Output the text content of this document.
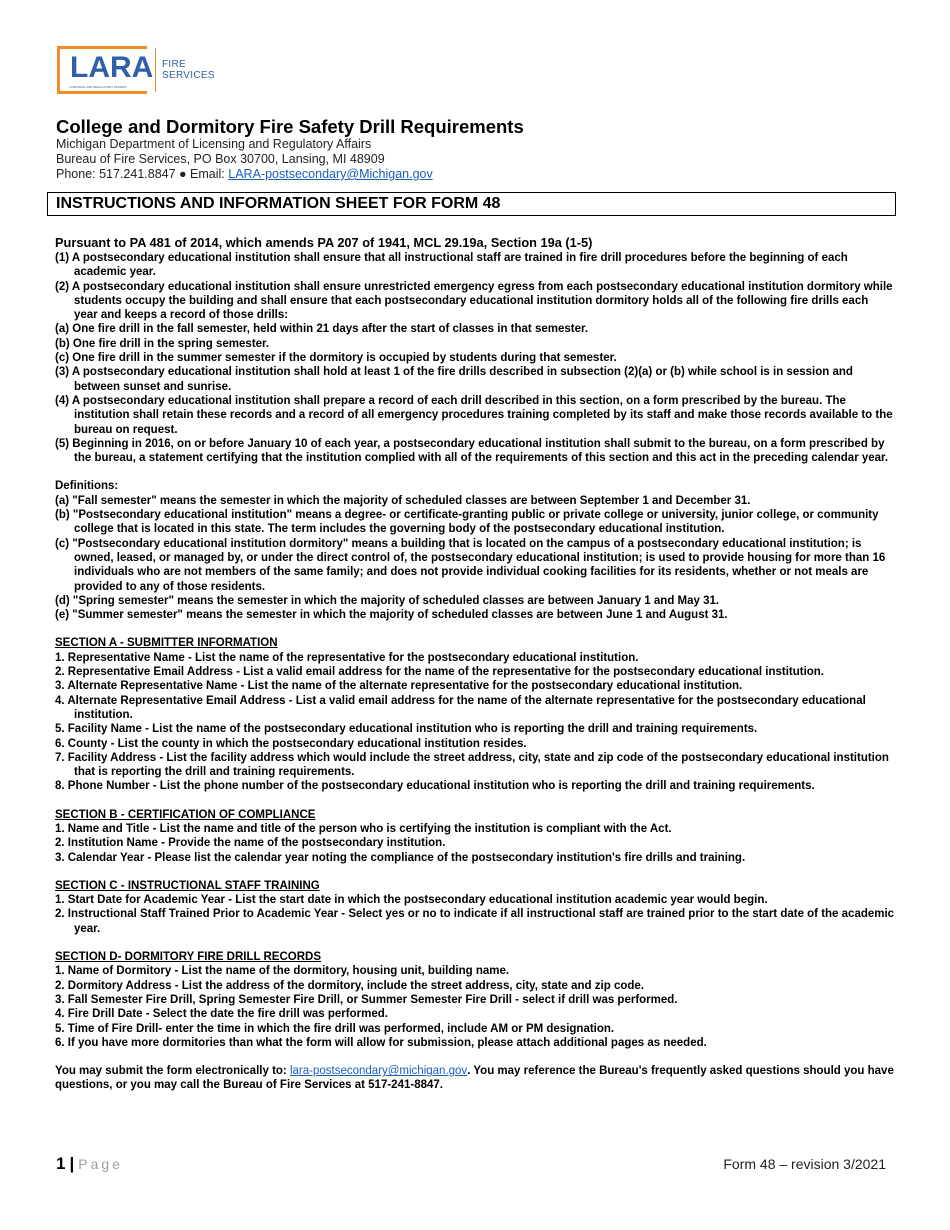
LARA
LICENSING AND REGULATORY AFFAIRS
FIRE
SERVICES
College and Dormitory Fire Safety Drill Requirements
Michigan Department of Licensing and Regulatory Affairs
Bureau of Fire Services, PO Box 30700, Lansing, MI 48909
Phone: 517.241.8847 ● Email: LARA-postsecondary@Michigan.gov
INSTRUCTIONS AND INFORMATION SHEET FOR FORM 48
Pursuant to PA 481 of 2014, which amends PA 207 of 1941, MCL 29.19a, Section 19a (1-5)
(1) A postsecondary educational institution shall ensure that all instructional staff are trained in fire drill procedures before the beginning of each academic year.
(2) A postsecondary educational institution shall ensure unrestricted emergency egress from each postsecondary educational institution dormitory while students occupy the building and shall ensure that each postsecondary educational institution dormitory holds all of the following fire drills each year and keeps a record of those drills:
(a) One fire drill in the fall semester, held within 21 days after the start of classes in that semester.
(b) One fire drill in the spring semester.
(c) One fire drill in the summer semester if the dormitory is occupied by students during that semester.
(3) A postsecondary educational institution shall hold at least 1 of the fire drills described in subsection (2)(a) or (b) while school is in session and between sunset and sunrise.
(4) A postsecondary educational institution shall prepare a record of each drill described in this section, on a form prescribed by the bureau. The institution shall retain these records and a record of all emergency procedures training completed by its staff and make those records available to the bureau on request.
(5) Beginning in 2016, on or before January 10 of each year, a postsecondary educational institution shall submit to the bureau, on a form prescribed by the bureau, a statement certifying that the institution complied with all of the requirements of this section and this act in the preceding calendar year.
Definitions:
(a) "Fall semester" means the semester in which the majority of scheduled classes are between September 1 and December 31.
(b) "Postsecondary educational institution" means a degree- or certificate-granting public or private college or university, junior college, or community college that is located in this state. The term includes the governing body of the postsecondary educational institution.
(c) "Postsecondary educational institution dormitory" means a building that is located on the campus of a postsecondary educational institution; is owned, leased, or managed by, or under the direct control of, the postsecondary educational institution; is used to provide housing for more than 16 individuals who are not members of the same family; and does not provide individual cooking facilities for its residents, whether or not meals are provided to any of those residents.
(d) "Spring semester" means the semester in which the majority of scheduled classes are between January 1 and May 31.
(e) "Summer semester" means the semester in which the majority of scheduled classes are between June 1 and August 31.
SECTION A - SUBMITTER INFORMATION
1. Representative Name - List the name of the representative for the postsecondary educational institution.
2. Representative Email Address - List a valid email address for the name of the representative for the postsecondary educational institution.
3. Alternate Representative Name - List the name of the alternate representative for the postsecondary educational institution.
4. Alternate Representative Email Address - List a valid email address for the name of the alternate representative for the postsecondary educational institution.
5. Facility Name - List the name of the postsecondary educational institution who is reporting the drill and training requirements.
6. County - List the county in which the postsecondary educational institution resides.
7. Facility Address - List the facility address which would include the street address, city, state and zip code of the postsecondary educational institution that is reporting the drill and training requirements.
8. Phone Number - List the phone number of the postsecondary educational institution who is reporting the drill and training requirements.
SECTION B - CERTIFICATION OF COMPLIANCE
1. Name and Title - List the name and title of the person who is certifying the institution is compliant with the Act.
2. Institution Name - Provide the name of the postsecondary institution.
3. Calendar Year - Please list the calendar year noting the compliance of the postsecondary institution's fire drills and training.
SECTION C - INSTRUCTIONAL STAFF TRAINING
1. Start Date for Academic Year - List the start date in which the postsecondary educational institution academic year would begin.
2. Instructional Staff Trained Prior to Academic Year - Select yes or no to indicate if all instructional staff are trained prior to the start date of the academic year.
SECTION D- DORMITORY FIRE DRILL RECORDS
1. Name of Dormitory - List the name of the dormitory, housing unit, building name.
2. Dormitory Address - List the address of the dormitory, include the street address, city, state and zip code.
3. Fall Semester Fire Drill, Spring Semester Fire Drill, or Summer Semester Fire Drill - select if drill was performed.
4. Fire Drill Date - Select the date the fire drill was performed.
5. Time of Fire Drill- enter the time in which the fire drill was performed, include AM or PM designation.
6. If you have more dormitories than what the form will allow for submission, please attach additional pages as needed.
You may submit the form electronically to: lara-postsecondary@michigan.gov. You may reference the Bureau's frequently asked questions should you have questions, or you may call the Bureau of Fire Services at 517-241-8847.
1 | Page	Form 48 – revision 3/2021
